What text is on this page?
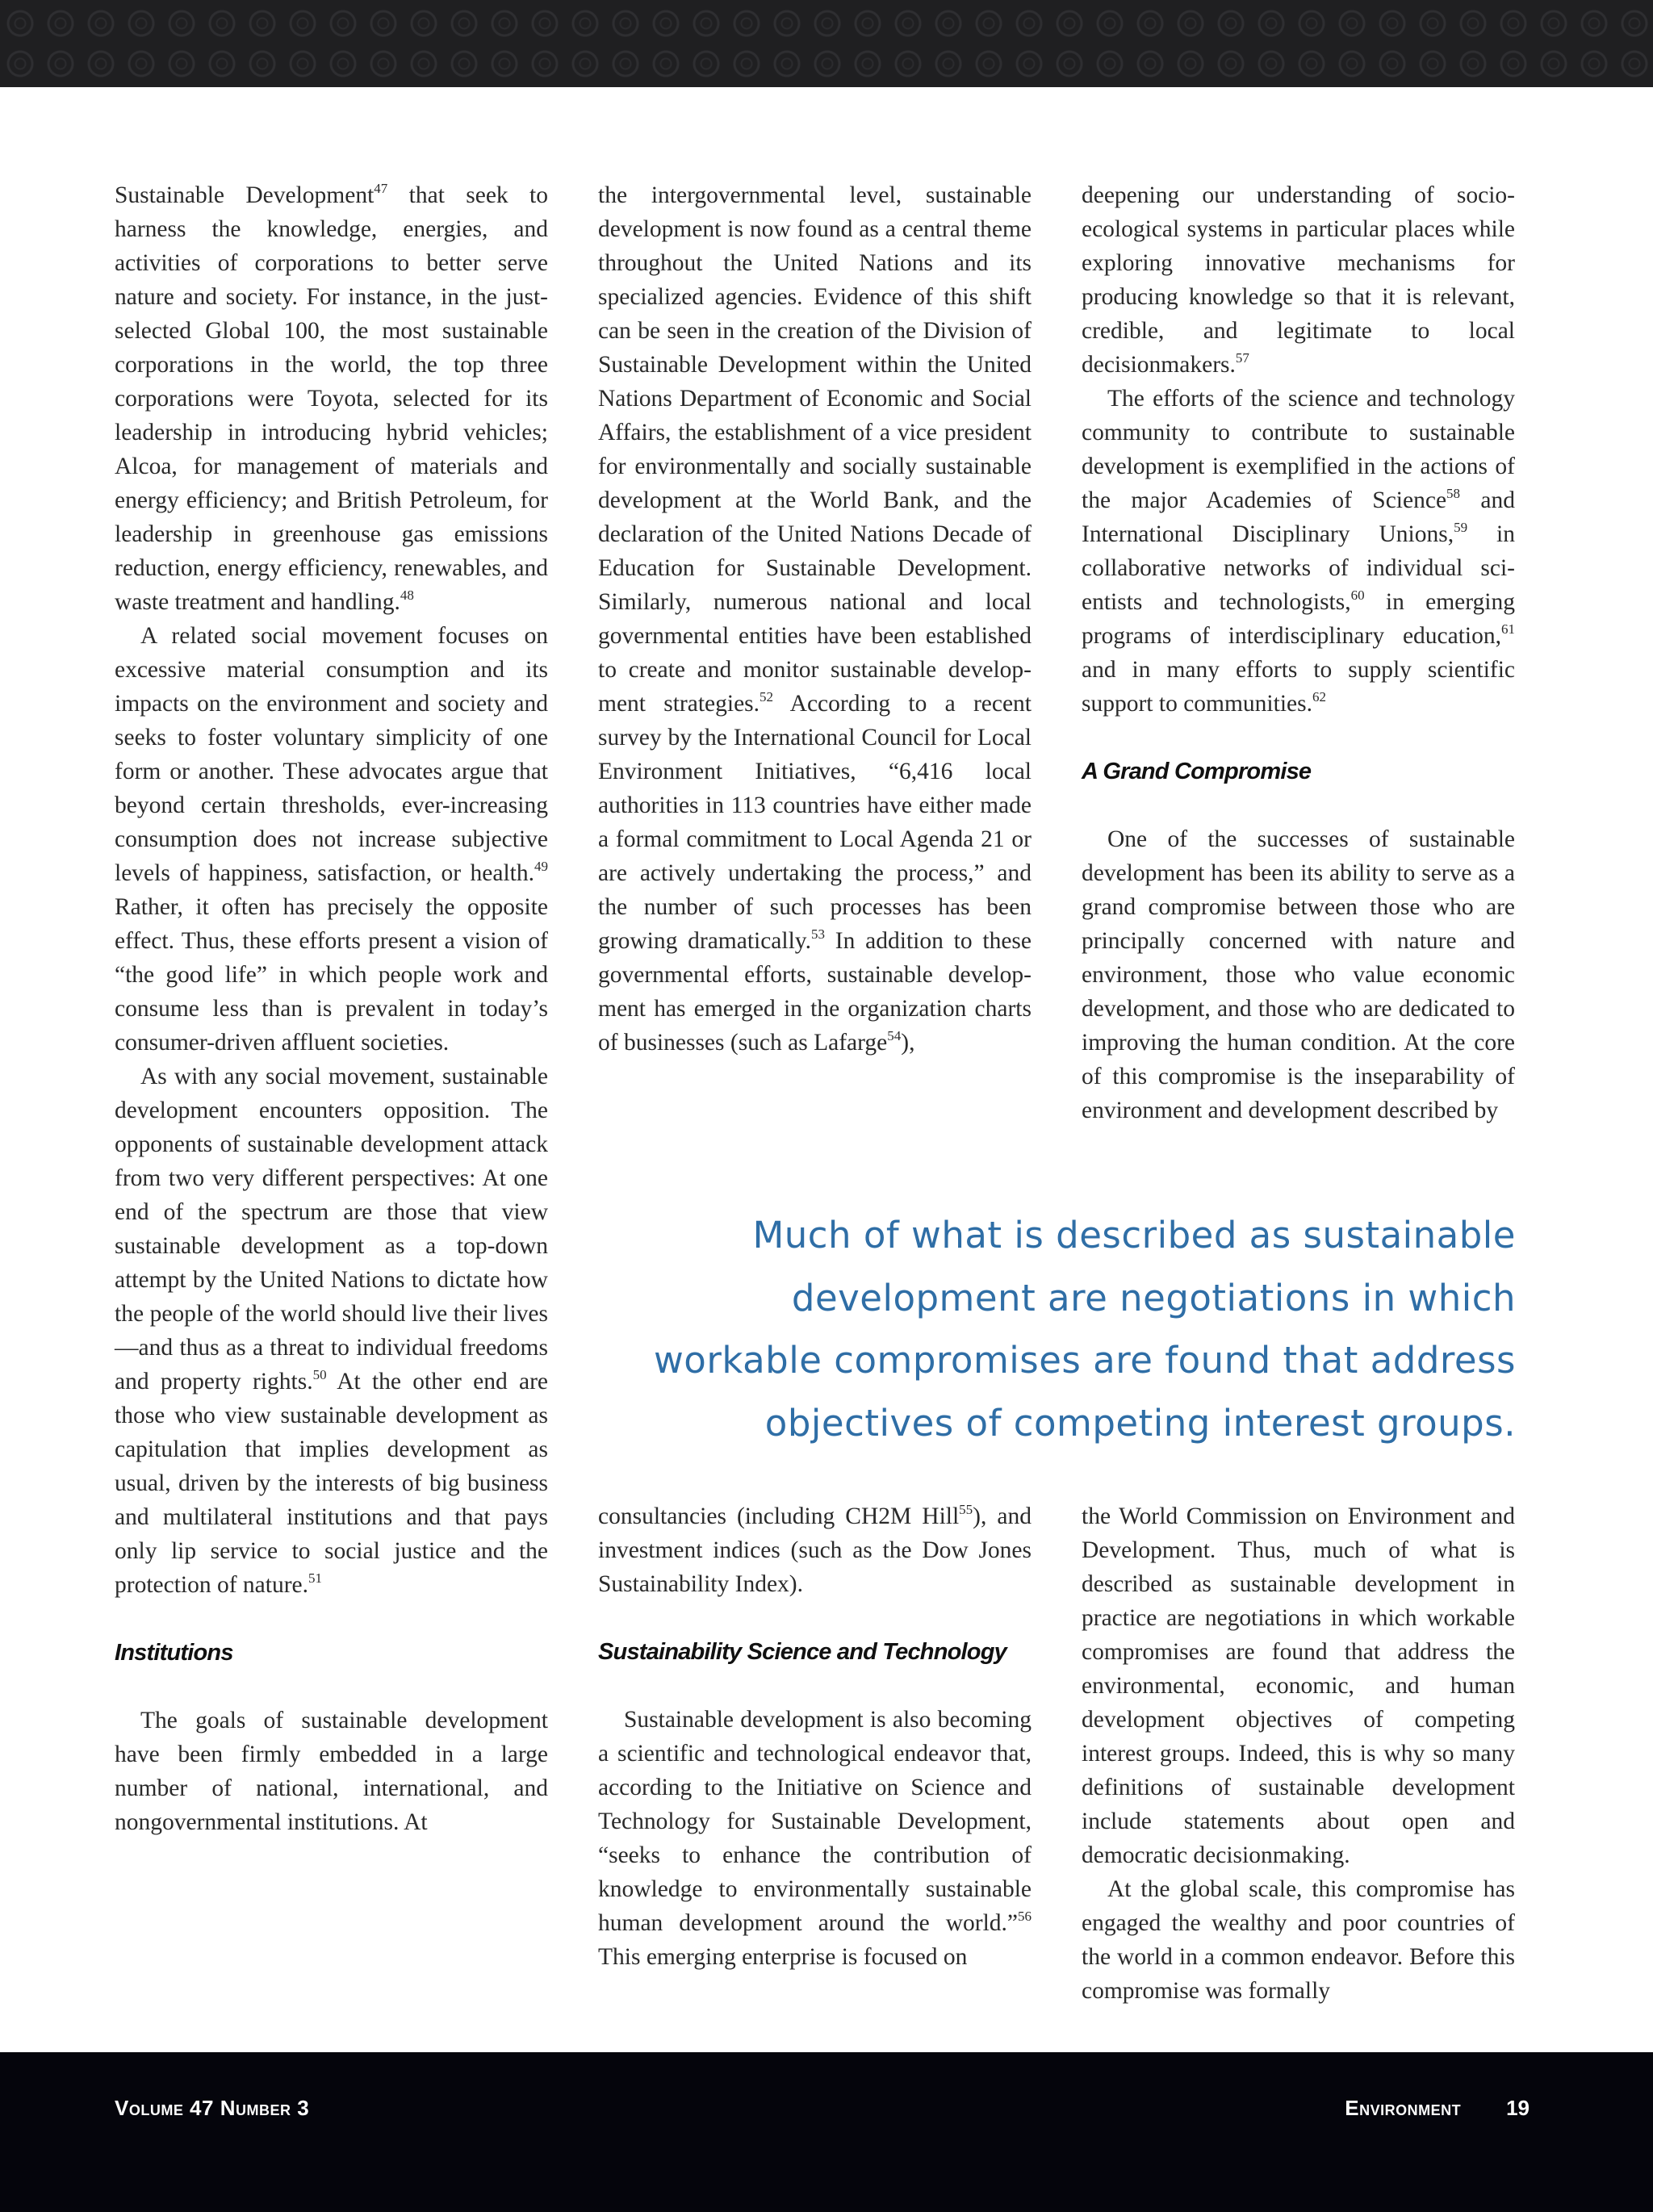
Sustainable Development$^{47}$ that seek to harness the knowledge, energies, and activities of corporations to better serve nature and society. For instance, in the just-selected Global 100, the most sustainable corporations in the world, the top three corporations were Toyota, selected for its leadership in introducing hybrid vehicles; Alcoa, for management of materials and energy efficiency; and British Petroleum, for leadership in greenhouse gas emissions reduction, energy efficiency, renewables, and waste treatment and handling.$^{48}$

A related social movement focuses on excessive material consumption and its impacts on the environment and society and seeks to foster voluntary simplicity of one form or another. These advocates argue that beyond certain thresholds, ever-increasing consumption does not increase subjective levels of happiness, satisfaction, or health.$^{49}$ Rather, it often has precisely the opposite effect. Thus, these efforts present a vision of “the good life” in which people work and consume less than is prevalent in today’s consumer-driven affluent societies.

As with any social movement, sustainable development encounters opposition. The opponents of sustainable development attack from two very different perspectives: At one end of the spectrum are those that view sustainable development as a top-down attempt by the United Nations to dictate how the people of the world should live their lives—and thus as a threat to individual freedoms and property rights.$^{50}$ At the other end are those who view sustainable development as capitulation that implies development as usual, driven by the interests of big business and multilateral institutions and that pays only lip service to social justice and the protection of nature.$^{51}$

Institutions

The goals of sustainable development have been firmly embedded in a large number of national, international, and nongovernmental institutions. At

the intergovernmental level, sustainable development is now found as a central theme throughout the United Nations and its specialized agencies. Evidence of this shift can be seen in the creation of the Division of Sustainable Development within the United Nations Department of Economic and Social Affairs, the establishment of a vice president for environmentally and socially sustainable development at the World Bank, and the declaration of the United Nations Decade of Education for Sustainable Development. Similarly, numerous national and local governmental entities have been established to create and monitor sustainable development strategies.$^{52}$ According to a recent survey by the International Council for Local Environment Initiatives, “6,416 local authorities in 113 countries have either made a formal commitment to Local Agenda 21 or are actively undertaking the process,” and the number of such processes has been growing dramatically.$^{53}$ In addition to these governmental efforts, sustainable development has emerged in the organization charts of businesses (such as Lafarge$^{54}$),

deepening our understanding of socio-ecological systems in particular places while exploring innovative mechanisms for producing knowledge so that it is relevant, credible, and legitimate to local decisionmakers.$^{57}$

The efforts of the science and technology community to contribute to sustainable development is exemplified in the actions of the major Academies of Science$^{58}$ and International Disciplinary Unions,$^{59}$ in collaborative networks of individual scientists and technologists,$^{60}$ in emerging programs of interdisciplinary education,$^{61}$ and in many efforts to supply scientific support to communities.$^{62}$

A Grand Compromise

One of the successes of sustainable development has been its ability to serve as a grand compromise between those who are principally concerned with nature and environment, those who value economic development, and those who are dedicated to improving the human condition. At the core of this compromise is the inseparability of environment and development described by

Much of what is described as sustainable
development are negotiations in which
workable compromises are found that address
objectives of competing interest groups.

consultancies (including CH2M Hill$^{55}$), and investment indices (such as the Dow Jones Sustainability Index).

Sustainability Science and Technology

Sustainable development is also becoming a scientific and technological endeavor that, according to the Initiative on Science and Technology for Sustainable Development, “seeks to enhance the contribution of knowledge to environmentally sustainable human development around the world.”$^{56}$ This emerging enterprise is focused on

the World Commission on Environment and Development. Thus, much of what is described as sustainable development in practice are negotiations in which workable compromises are found that address the environmental, economic, and human development objectives of competing interest groups. Indeed, this is why so many definitions of sustainable development include statements about open and democratic decisionmaking.

At the global scale, this compromise has engaged the wealthy and poor countries of the world in a common endeavor. Before this compromise was formally

Volume 47 Number 3	Environment 19
